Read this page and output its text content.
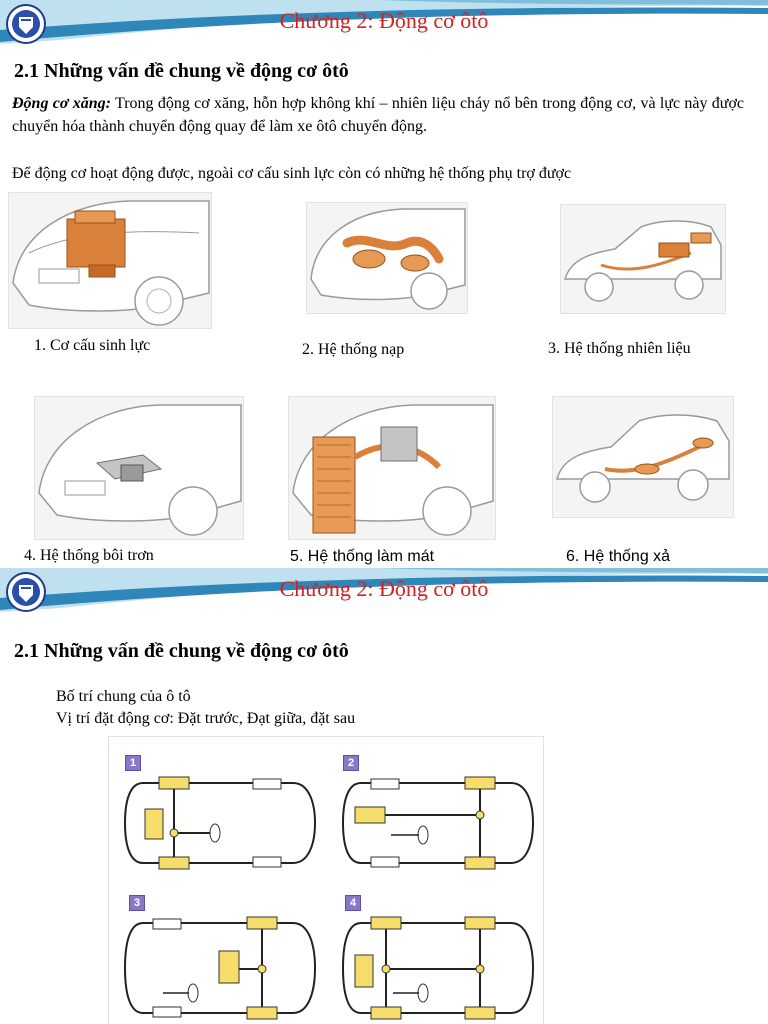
Chương 2: Động cơ ôtô
2.1 Những vấn đề chung về động cơ ôtô
Động cơ xăng: Trong động cơ xăng, hỗn hợp không khí – nhiên liệu cháy nổ bên trong động cơ, và lực này được chuyển hóa thành chuyển động quay để làm xe ôtô chuyển động.
Để động cơ hoạt động được, ngoài cơ cấu sinh lực còn có những hệ thống phụ trợ được
1. Cơ cấu sinh lực	2. Hệ thống nạp	3. Hệ thống nhiên liệu
4. Hệ thống bôi trơn	5. Hệ thống làm mát	6. Hệ thống xả
Chương 2: Động cơ ôtô
2.1 Những vấn đề chung về động cơ ôtô
Bố trí chung của ô tô
Vị trí đặt động cơ: Đặt trước, Đạt giữa, đặt sau
1	2
3	4
